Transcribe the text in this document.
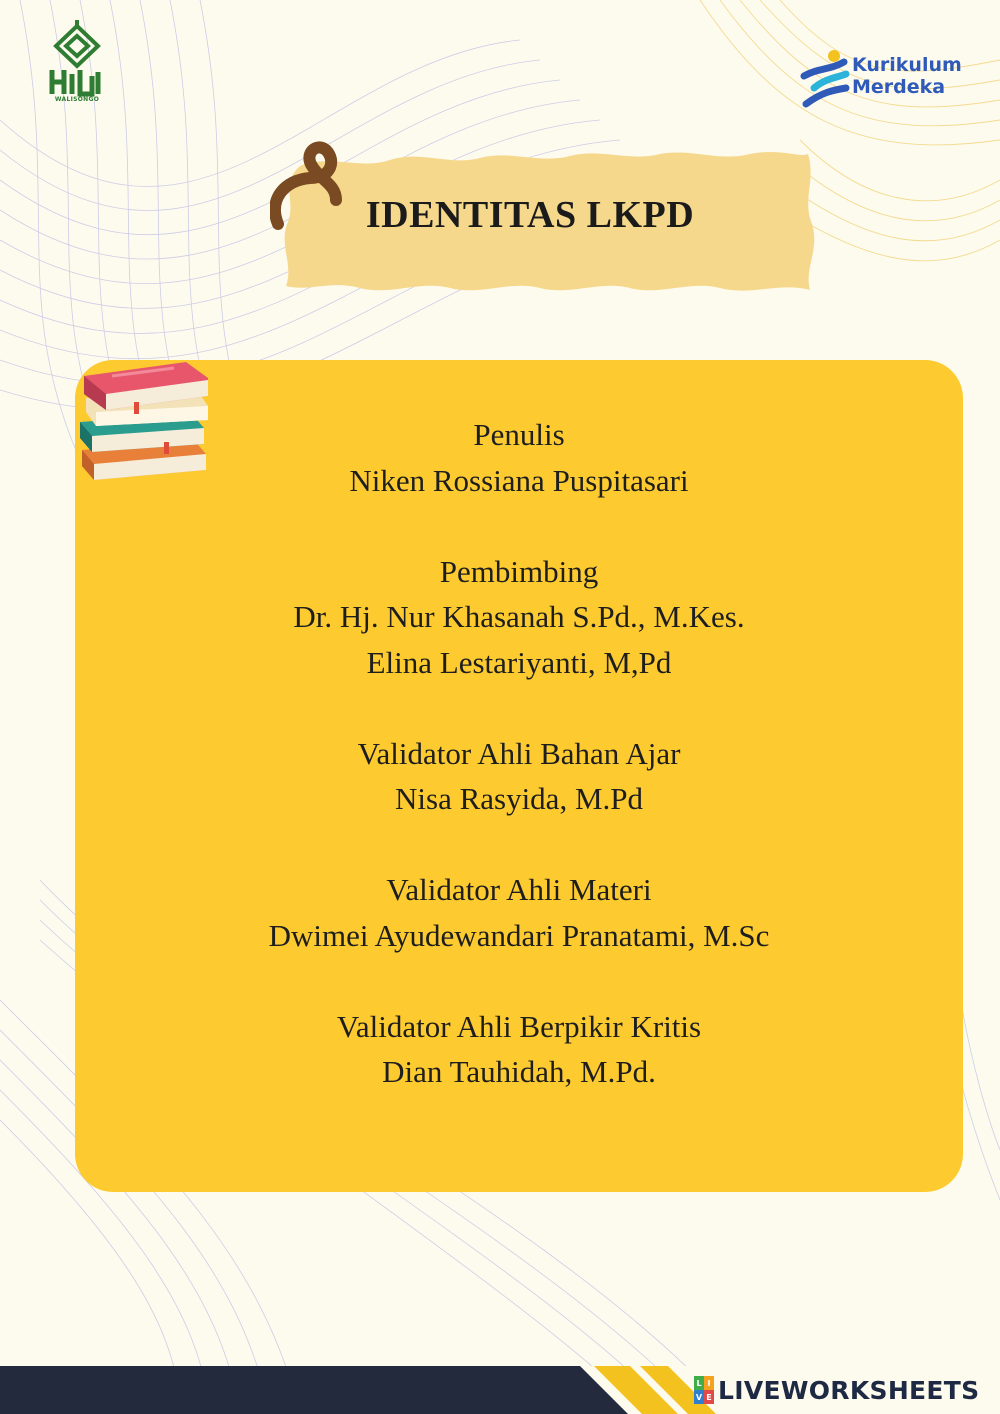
WALISONGO
Kurikulum
Merdeka
IDENTITAS LKPD
Penulis
Niken Rossiana Puspitasari
Pembimbing
Dr. Hj. Nur Khasanah S.Pd., M.Kes.
Elina Lestariyanti, M,Pd
Validator Ahli Bahan Ajar
Nisa Rasyida, M.Pd
Validator Ahli Materi
Dwimei Ayudewandari Pranatami, M.Sc
Validator Ahli Berpikir Kritis
Dian Tauhidah, M.Pd.
L I
V E LIVEWORKSHEETS
